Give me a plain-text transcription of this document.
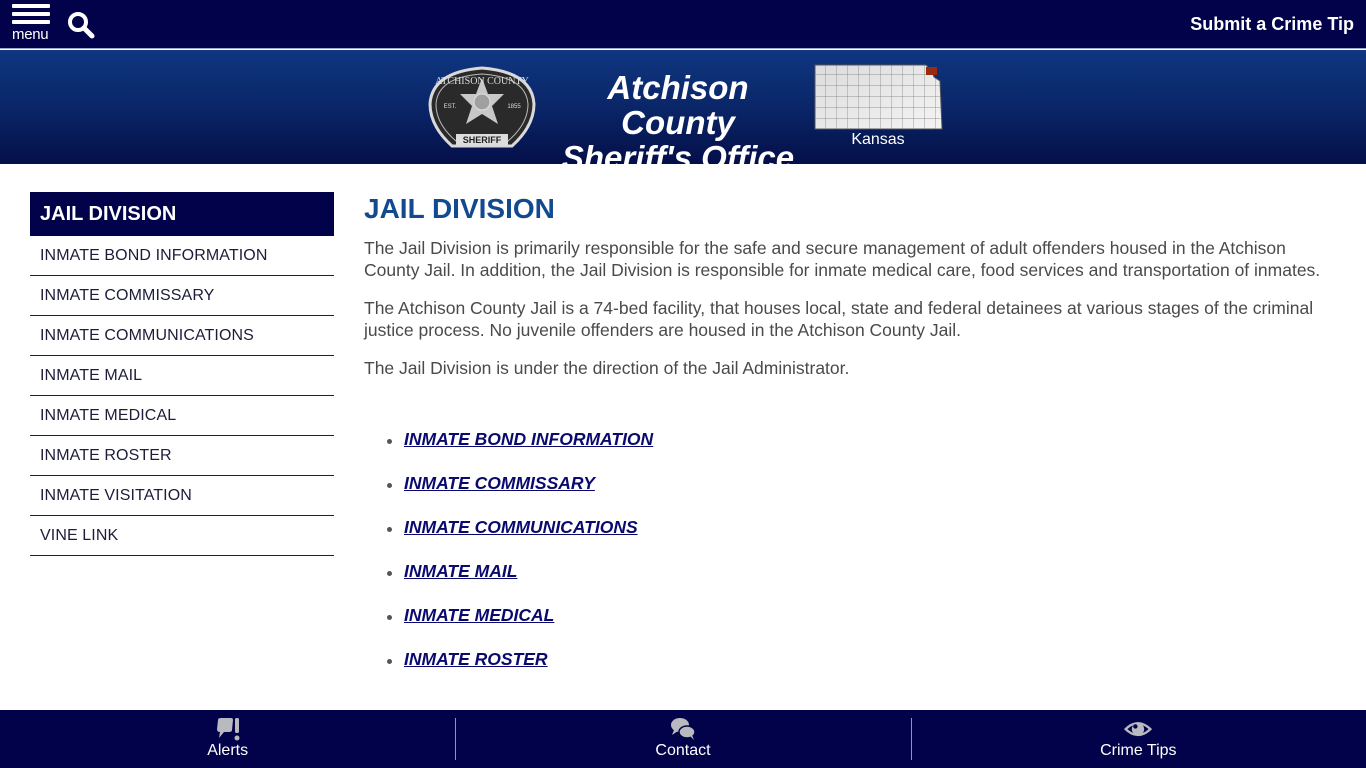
menu
Submit a Crime Tip
ATCHISON COUNTY
EST.	1855
SHERIFF
Atchison County
Sheriff's Office	Kansas
JAIL DIVISION
INMATE BOND INFORMATION
INMATE COMMISSARY
INMATE COMMUNICATIONS
INMATE MAIL
INMATE MEDICAL
INMATE ROSTER
INMATE VISITATION
VINE LINK
JAIL DIVISION

The Jail Division is primarily responsible for the safe and secure management of adult offenders housed in the Atchison County Jail. In addition, the Jail Division is responsible for inmate medical care, food services and transportation of inmates.

The Atchison County Jail is a 74-bed facility, that houses local, state and federal detainees at various stages of the criminal justice process. No juvenile offenders are housed in the Atchison County Jail.

The Jail Division is under the direction of the Jail Administrator.

INMATE BOND INFORMATION
INMATE COMMISSARY
INMATE COMMUNICATIONS
INMATE MAIL
INMATE MEDICAL
INMATE ROSTER
Alerts	Contact	Crime Tips
